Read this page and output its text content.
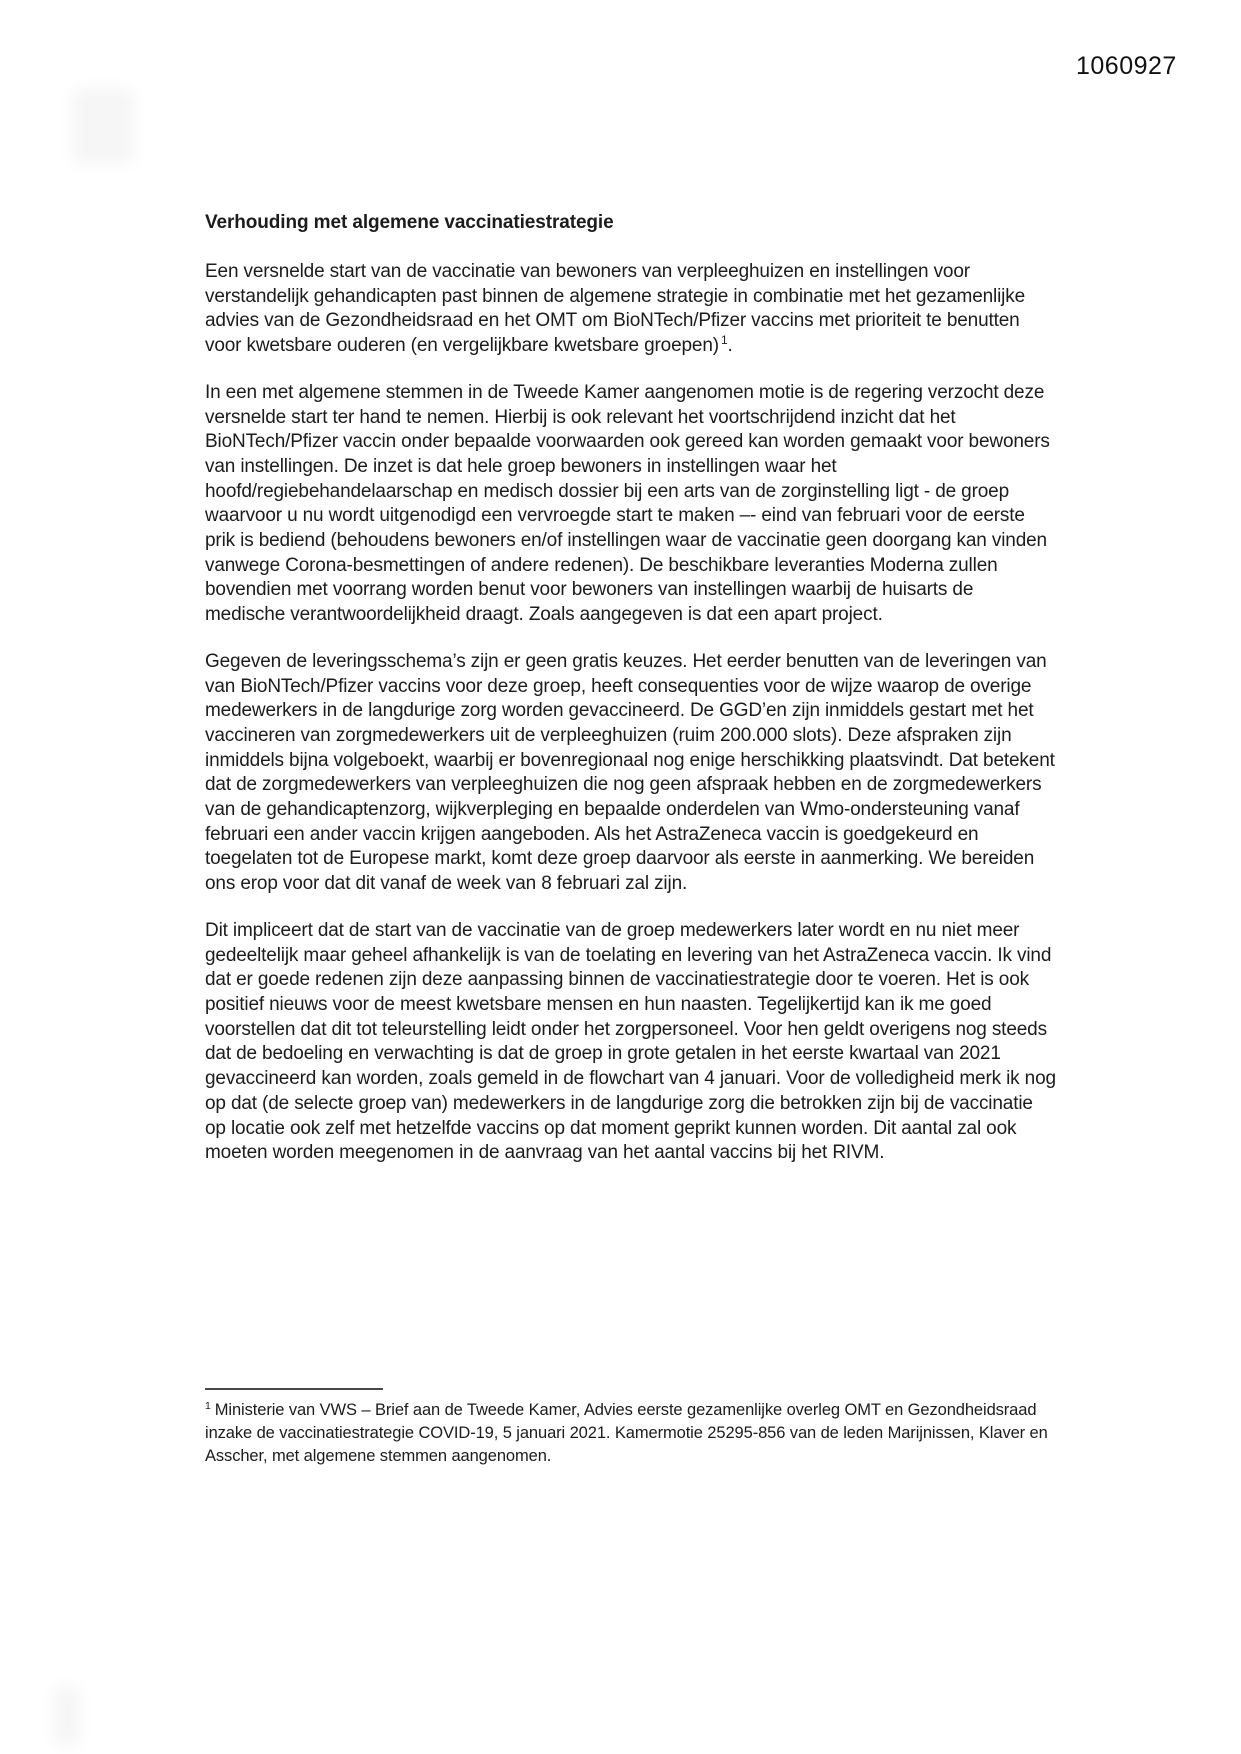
1060927
Verhouding met algemene vaccinatiestrategie

Een versnelde start van de vaccinatie van bewoners van verpleeghuizen en instellingen voor verstandelijk gehandicapten past binnen de algemene strategie in combinatie met het gezamenlijke advies van de Gezondheidsraad en het OMT om BioNTech/Pfizer vaccins met prioriteit te benutten voor kwetsbare ouderen (en vergelijkbare kwetsbare groepen) $^1$.

In een met algemene stemmen in de Tweede Kamer aangenomen motie is de regering verzocht deze versnelde start ter hand te nemen. Hierbij is ook relevant het voortschrijdend inzicht dat het BioNTech/Pfizer vaccin onder bepaalde voorwaarden ook gereed kan worden gemaakt voor bewoners van instellingen. De inzet is dat hele groep bewoners in instellingen waar het hoofd/regiebehandelaarschap en medisch dossier bij een arts van de zorginstelling ligt - de groep waarvoor u nu wordt uitgenodigd een vervroegde start te maken –- eind van februari voor de eerste prik is bediend (behoudens bewoners en/of instellingen waar de vaccinatie geen doorgang kan vinden vanwege Corona-besmettingen of andere redenen). De beschikbare leveranties Moderna zullen bovendien met voorrang worden benut voor bewoners van instellingen waarbij de huisarts de medische verantwoordelijkheid draagt. Zoals aangegeven is dat een apart project.

Gegeven de leveringsschema’s zijn er geen gratis keuzes. Het eerder benutten van de leveringen van van BioNTech/Pfizer vaccins voor deze groep, heeft consequenties voor de wijze waarop de overige medewerkers in de langdurige zorg worden gevaccineerd. De GGD’en zijn inmiddels gestart met het vaccineren van zorgmedewerkers uit de verpleeghuizen (ruim 200.000 slots). Deze afspraken zijn inmiddels bijna volgeboekt, waarbij er bovenregionaal nog enige herschikking plaatsvindt. Dat betekent dat de zorgmedewerkers van verpleeghuizen die nog geen afspraak hebben en de zorgmedewerkers van de gehandicaptenzorg, wijkverpleging en bepaalde onderdelen van Wmo-ondersteuning vanaf februari een ander vaccin krijgen aangeboden. Als het AstraZeneca vaccin is goedgekeurd en toegelaten tot de Europese markt, komt deze groep daarvoor als eerste in aanmerking. We bereiden ons erop voor dat dit vanaf de week van 8 februari zal zijn.

Dit impliceert dat de start van de vaccinatie van de groep medewerkers later wordt en nu niet meer gedeeltelijk maar geheel afhankelijk is van de toelating en levering van het AstraZeneca vaccin. Ik vind dat er goede redenen zijn deze aanpassing binnen de vaccinatiestrategie door te voeren. Het is ook positief nieuws voor de meest kwetsbare mensen en hun naasten. Tegelijkertijd kan ik me goed voorstellen dat dit tot teleurstelling leidt onder het zorgpersoneel. Voor hen geldt overigens nog steeds dat de bedoeling en verwachting is dat de groep in grote getalen in het eerste kwartaal van 2021 gevaccineerd kan worden, zoals gemeld in de flowchart van 4 januari. Voor de volledigheid merk ik nog op dat (de selecte groep van) medewerkers in de langdurige zorg die betrokken zijn bij de vaccinatie op locatie ook zelf met hetzelfde vaccins op dat moment geprikt kunnen worden. Dit aantal zal ook moeten worden meegenomen in de aanvraag van het aantal vaccins bij het RIVM.

$^1$ Ministerie van VWS – Brief aan de Tweede Kamer, Advies eerste gezamenlijke overleg OMT en Gezondheidsraad inzake de vaccinatiestrategie COVID-19, 5 januari 2021. Kamermotie 25295-856 van de leden Marijnissen, Klaver en Asscher, met algemene stemmen aangenomen.
